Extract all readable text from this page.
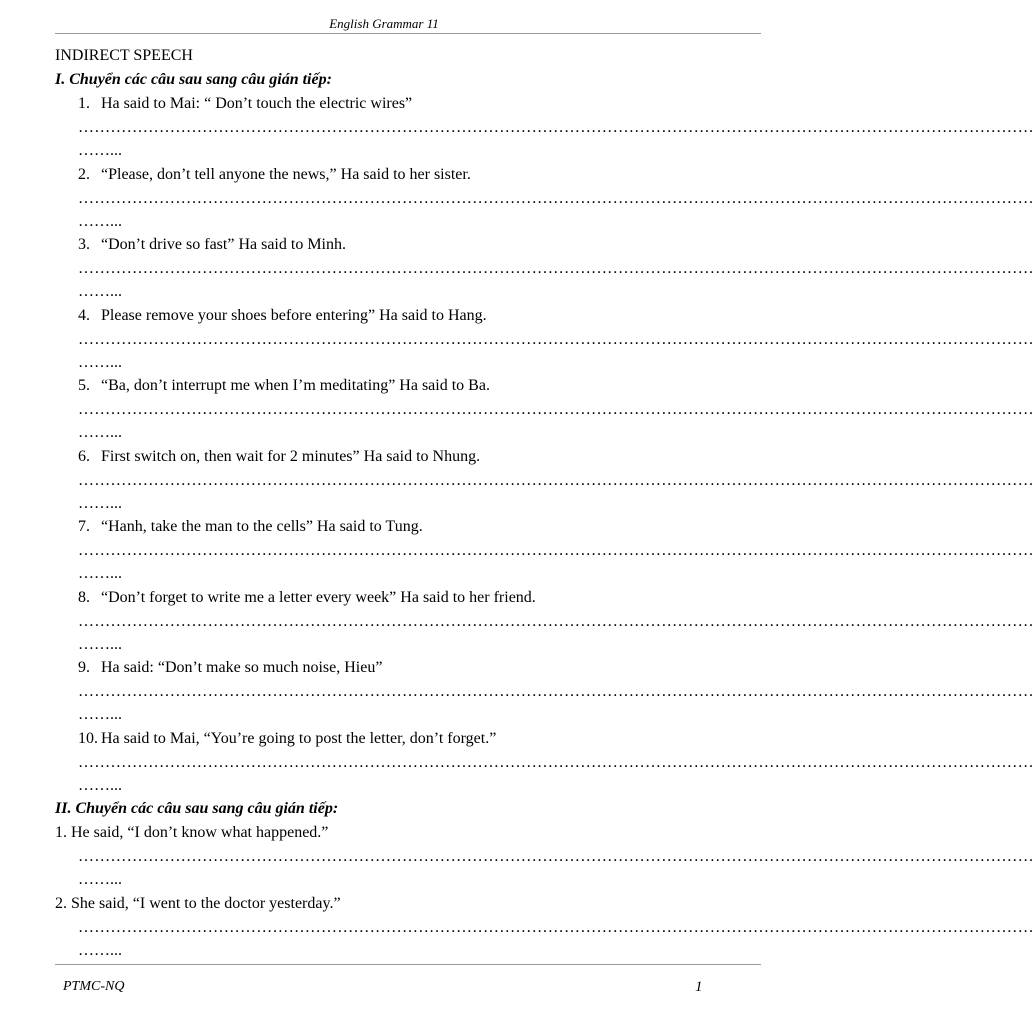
English Grammar 11
INDIRECT SPEECH
I. Chuyển các câu sau sang câu gián tiếp:
1. Ha said to Mai: “ Don’t touch the electric wires”
……………………………………………………………………………………………………………………………………………………………
……...
2. “Please, don’t tell anyone the news,” Ha said to her sister.
……………………………………………………………………………………………………………………………………………………………
……...
3. “Don’t drive so fast” Ha said to Minh.
……………………………………………………………………………………………………………………………………………………………
……...
4. Please remove your shoes before entering” Ha said to Hang.
……………………………………………………………………………………………………………………………………………………………
……...
5. “Ba, don’t interrupt me when I’m meditating” Ha said to Ba.
……………………………………………………………………………………………………………………………………………………………
……...
6. First switch on, then wait for 2 minutes” Ha said to Nhung.
……………………………………………………………………………………………………………………………………………………………
……...
7. “Hanh, take the man to the cells” Ha said to Tung.
……………………………………………………………………………………………………………………………………………………………
……...
8. “Don’t forget to write me a letter every week” Ha said to her friend.
……………………………………………………………………………………………………………………………………………………………
……...
9. Ha said: “Don’t make so much noise, Hieu”
……………………………………………………………………………………………………………………………………………………………
……...
10. Ha said to Mai, “You’re going to post the letter, don’t forget.”
……………………………………………………………………………………………………………………………………………………………
……...
II. Chuyển các câu sau sang câu gián tiếp:
1. He said, “I don’t know what happened.”
……………………………………………………………………………………………………………………………………………………………
……...
2. She said, “I went to the doctor yesterday.”
……………………………………………………………………………………………………………………………………………………………
……...
PTMC-NQ	1
